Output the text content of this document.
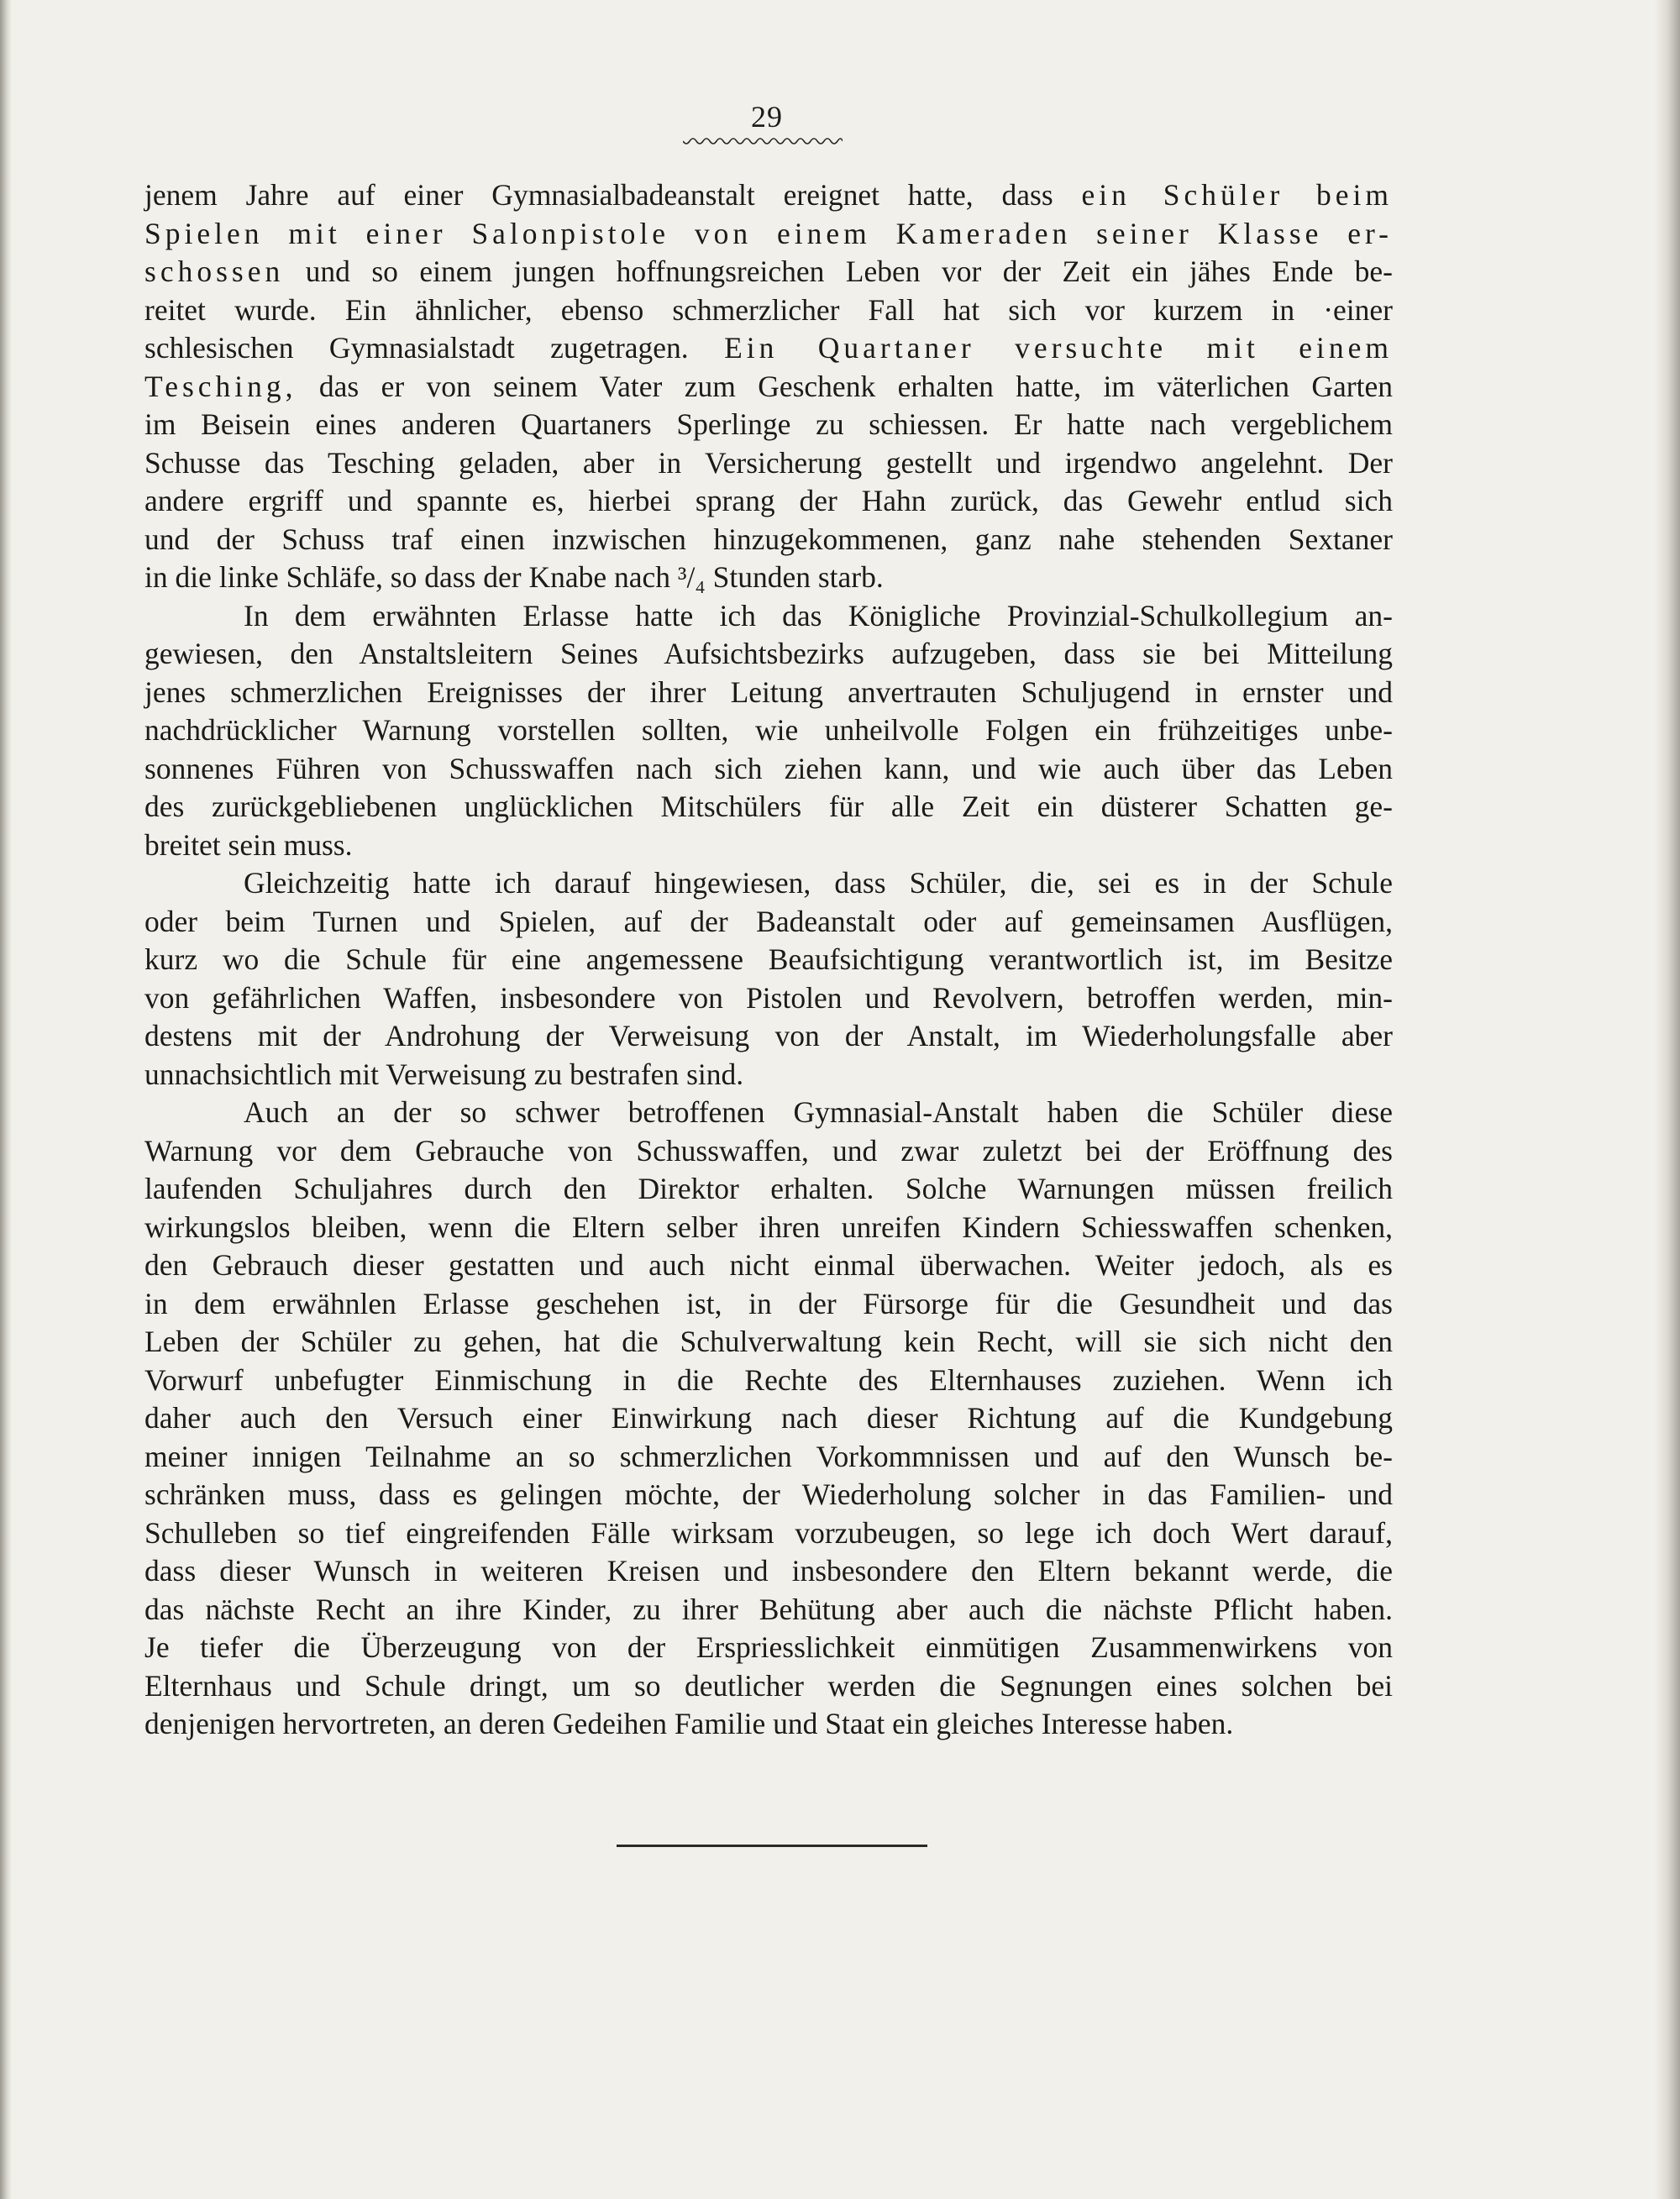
29
jenem Jahre auf einer Gymnasialbadeanstalt ereignet hatte, dass ein Schüler beim
Spielen mit einer Salonpistole von einem Kameraden seiner Klasse er-
schossen und so einem jungen hoffnungsreichen Leben vor der Zeit ein jähes Ende be-
reitet wurde. Ein ähnlicher, ebenso schmerzlicher Fall hat sich vor kurzem in ·einer
schlesischen Gymnasialstadt zugetragen. Ein Quartaner versuchte mit einem
Tesching, das er von seinem Vater zum Geschenk erhalten hatte, im väterlichen Garten
im Beisein eines anderen Quartaners Sperlinge zu schiessen. Er hatte nach vergeblichem
Schusse das Tesching geladen, aber in Versicherung gestellt und irgendwo angelehnt. Der
andere ergriff und spannte es, hierbei sprang der Hahn zurück, das Gewehr entlud sich
und der Schuss traf einen inzwischen hinzugekommenen, ganz nahe stehenden Sextaner
in die linke Schläfe, so dass der Knabe nach ³/₄ Stunden starb.
In dem erwähnten Erlasse hatte ich das Königliche Provinzial-Schulkollegium an-
gewiesen, den Anstaltsleitern Seines Aufsichtsbezirks aufzugeben, dass sie bei Mitteilung
jenes schmerzlichen Ereignisses der ihrer Leitung anvertrauten Schuljugend in ernster und
nachdrücklicher Warnung vorstellen sollten, wie unheilvolle Folgen ein frühzeitiges unbe-
sonnenes Führen von Schusswaffen nach sich ziehen kann, und wie auch über das Leben
des zurückgebliebenen unglücklichen Mitschülers für alle Zeit ein düsterer Schatten ge-
breitet sein muss.
Gleichzeitig hatte ich darauf hingewiesen, dass Schüler, die, sei es in der Schule
oder beim Turnen und Spielen, auf der Badeanstalt oder auf gemeinsamen Ausflügen,
kurz wo die Schule für eine angemessene Beaufsichtigung verantwortlich ist, im Besitze
von gefährlichen Waffen, insbesondere von Pistolen und Revolvern, betroffen werden, min-
destens mit der Androhung der Verweisung von der Anstalt, im Wiederholungsfalle aber
unnachsichtlich mit Verweisung zu bestrafen sind.
Auch an der so schwer betroffenen Gymnasial-Anstalt haben die Schüler diese
Warnung vor dem Gebrauche von Schusswaffen, und zwar zuletzt bei der Eröffnung des
laufenden Schuljahres durch den Direktor erhalten. Solche Warnungen müssen freilich
wirkungslos bleiben, wenn die Eltern selber ihren unreifen Kindern Schiesswaffen schenken,
den Gebrauch dieser gestatten und auch nicht einmal überwachen. Weiter jedoch, als es
in dem erwähnlen Erlasse geschehen ist, in der Fürsorge für die Gesundheit und das
Leben der Schüler zu gehen, hat die Schulverwaltung kein Recht, will sie sich nicht den
Vorwurf unbefugter Einmischung in die Rechte des Elternhauses zuziehen. Wenn ich
daher auch den Versuch einer Einwirkung nach dieser Richtung auf die Kundgebung
meiner innigen Teilnahme an so schmerzlichen Vorkommnissen und auf den Wunsch be-
schränken muss, dass es gelingen möchte, der Wiederholung solcher in das Familien- und
Schulleben so tief eingreifenden Fälle wirksam vorzubeugen, so lege ich doch Wert darauf,
dass dieser Wunsch in weiteren Kreisen und insbesondere den Eltern bekannt werde, die
das nächste Recht an ihre Kinder, zu ihrer Behütung aber auch die nächste Pflicht haben.
Je tiefer die Überzeugung von der Erspriesslichkeit einmütigen Zusammenwirkens von
Elternhaus und Schule dringt, um so deutlicher werden die Segnungen eines solchen bei
denjenigen hervortreten, an deren Gedeihen Familie und Staat ein gleiches Interesse haben.
